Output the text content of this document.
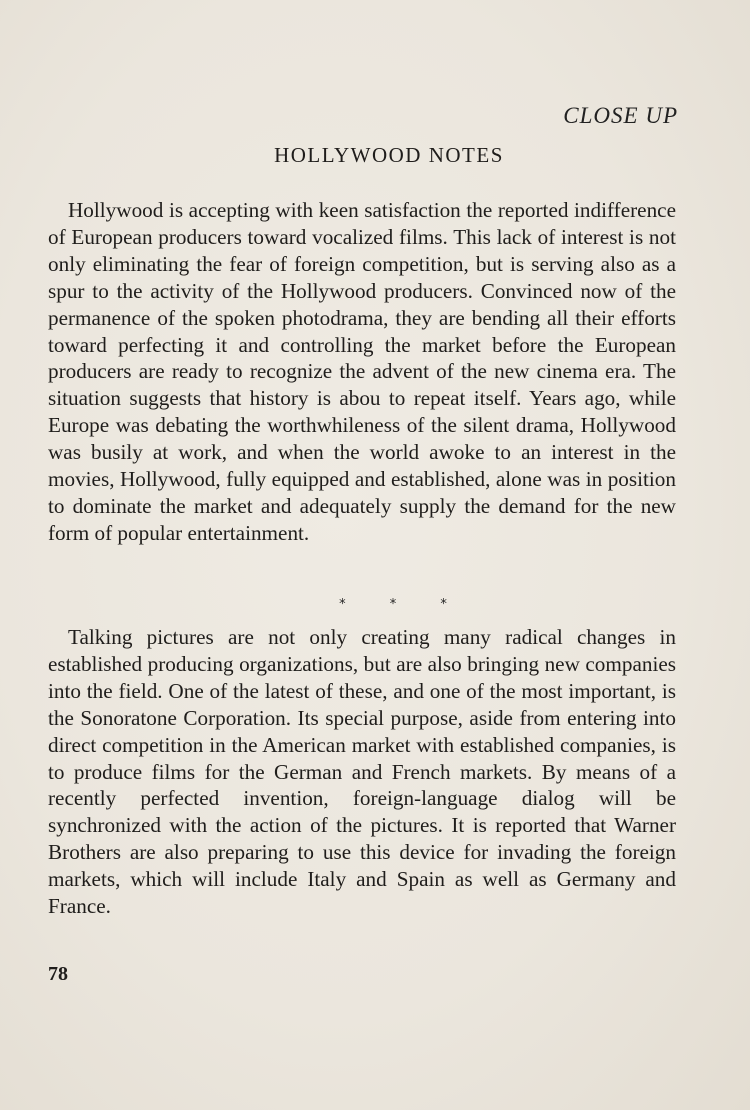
CLOSE UP
HOLLYWOOD NOTES

Hollywood is accepting with keen satisfaction the reported indifference of European producers toward vocalized films. This lack of interest is not only eliminating the fear of foreign competition, but is serving also as a spur to the activity of the Hollywood producers. Convinced now of the permanence of the spoken photodrama, they are bending all their efforts toward perfecting it and controlling the market before the European producers are ready to recognize the advent of the new cinema era. The situation suggests that history is abou to repeat itself. Years ago, while Europe was debating the worthwhileness of the silent drama, Hollywood was busily at work, and when the world awoke to an interest in the movies, Hollywood, fully equipped and established, alone was in position to dominate the market and adequately supply the demand for the new form of popular entertainment.

* * *

Talking pictures are not only creating many radical changes in established producing organizations, but are also bringing new companies into the field. One of the latest of these, and one of the most important, is the Sonoratone Corporation. Its special purpose, aside from entering into direct competition in the American market with established companies, is to produce films for the German and French markets. By means of a recently perfected invention, foreign-language dialog will be synchronized with the action of the pictures. It is reported that Warner Brothers are also preparing to use this device for invading the foreign markets, which will include Italy and Spain as well as Germany and France.

78
